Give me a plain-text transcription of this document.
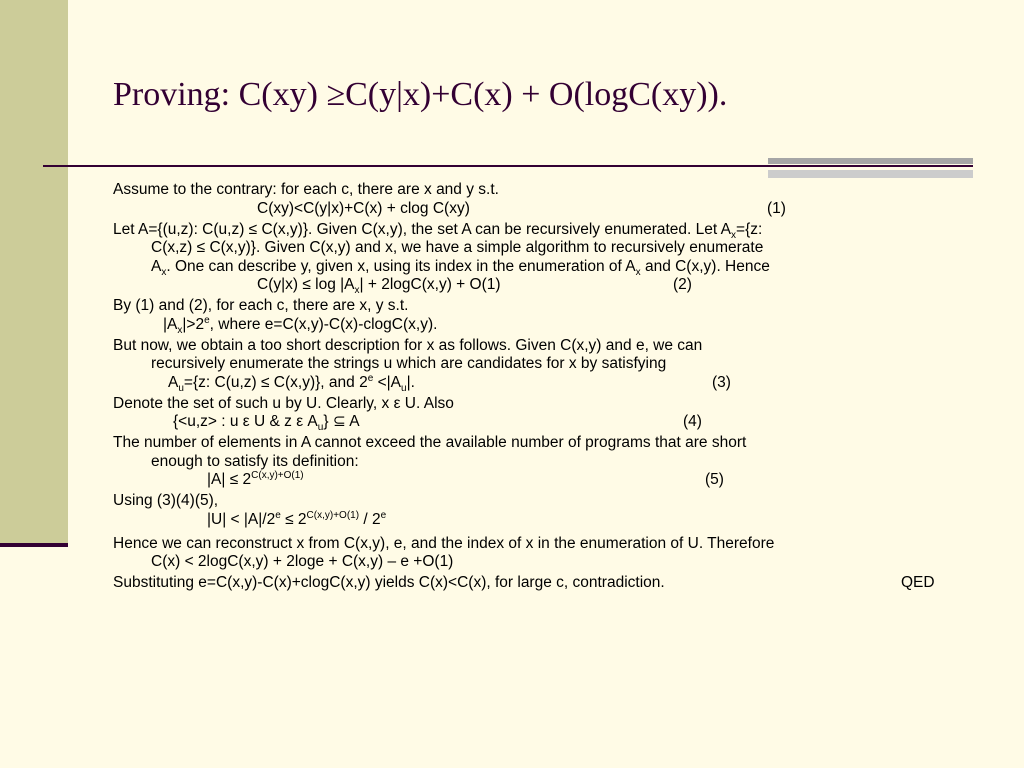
Proving: C(xy) ≥C(y|x)+C(x) + O(logC(xy)).

Assume to the contrary: for each c, there are x and y s.t.

C(xy)<C(y|x)+C(x) + clog C(xy)	(1)

Let A={(u,z): C(u,z) ≤ C(x,y)}. Given C(x,y), the set A can be recursively enumerated. Let $A_x=\{z$:
C(x,z) ≤ C(x,y)}. Given C(x,y) and x, we have a simple algorithm to recursively enumerate
$A_x$. One can describe y, given x, using its index in the enumeration of $A_x$ and C(x,y). Hence

$C(y|x) \le \log |A_x| + 2\log C(x,y) + O(1)$	(2)

By (1) and (2), for each c, there are x, y s.t.

$|A_x|>2^e$, where e=C(x,y)-C(x)-clogC(x,y).

But now, we obtain a too short description for x as follows. Given C(x,y) and e, we can
recursively enumerate the strings u which are candidates for x by satisfying

$A_u=\{z$: C(u,z) ≤ C(x,y)}, and $2^e <|A_u|$.	(3)

Denote the set of such u by U. Clearly, x ε U. Also

{<u,z> : u ε U & z ε $A_u$} ⊆ A	(4)

The number of elements in A cannot exceed the available number of programs that are short
enough to satisfy its definition:

$|A| \le 2^{C(x,y)+O(1)}$	(5)

Using (3)(4)(5),

$|U| < |A|/2^e \le 2^{C(x,y)+O(1)} / 2e$

Hence we can reconstruct x from C(x,y), e, and the index of x in the enumeration of U. Therefore

C(x) < 2logC(x,y) + 2loge + C(x,y) – e +O(1)

Substituting e=C(x,y)-C(x)+clogC(x,y) yields C(x)<C(x), for large c, contradiction.	QED
